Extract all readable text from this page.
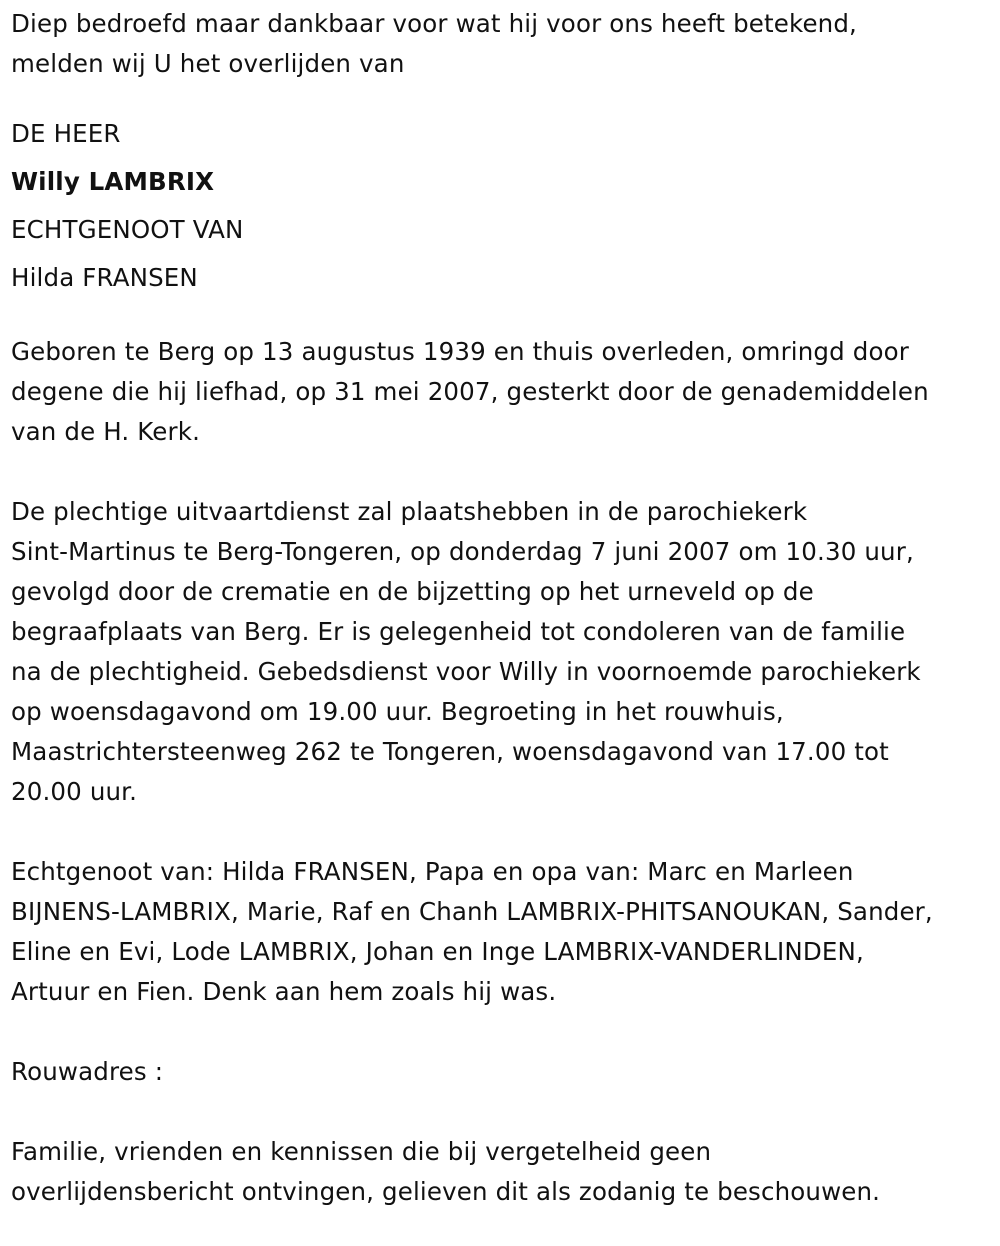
Diep bedroefd maar dankbaar voor wat hij voor ons heeft betekend,

melden wij U het overlijden van

DE HEER

Willy LAMBRIX

ECHTGENOOT VAN

Hilda FRANSEN

Geboren te Berg op 13 augustus 1939 en thuis overleden, omringd door

degene die hij liefhad, op 31 mei 2007, gesterkt door de genademiddelen

van de H. Kerk.

De plechtige uitvaartdienst zal plaatshebben in de parochiekerk

Sint-Martinus te Berg-Tongeren, op donderdag 7 juni 2007 om 10.30 uur,

gevolgd door de crematie en de bijzetting op het urneveld op de

begraafplaats van Berg. Er is gelegenheid tot condoleren van de familie

na de plechtigheid. Gebedsdienst voor Willy in voornoemde parochiekerk

op woensdagavond om 19.00 uur. Begroeting in het rouwhuis,

Maastrichtersteenweg 262 te Tongeren, woensdagavond van 17.00 tot

20.00 uur.

Echtgenoot van: Hilda FRANSEN, Papa en opa van: Marc en Marleen

BIJNENS-LAMBRIX, Marie, Raf en Chanh LAMBRIX-PHITSANOUKAN, Sander,

Eline en Evi, Lode LAMBRIX, Johan en Inge LAMBRIX-VANDERLINDEN,

Artuur en Fien. Denk aan hem zoals hij was.

Rouwadres :

Familie, vrienden en kennissen die bij vergetelheid geen

overlijdensbericht ontvingen, gelieven dit als zodanig te beschouwen.
